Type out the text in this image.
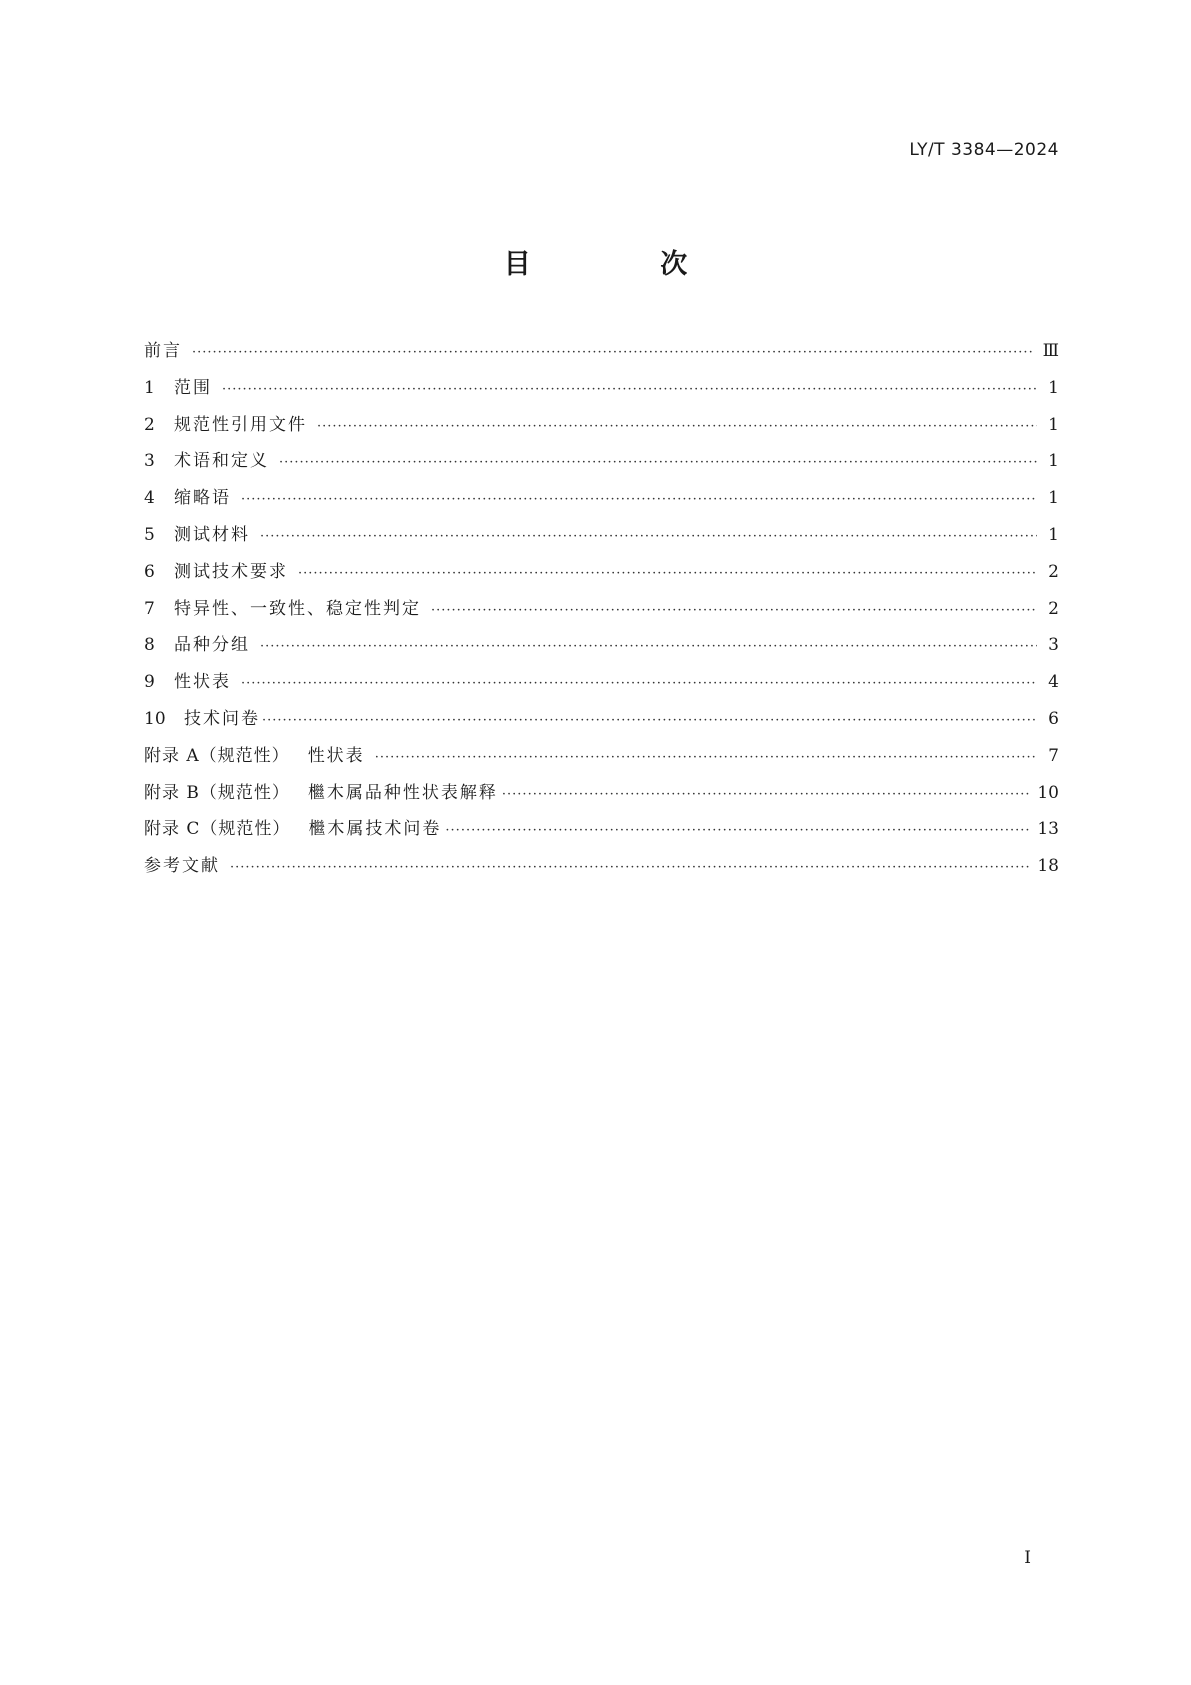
LY/T 3384—2024
目 次
前言 ·····	Ⅲ
1	范围 ·····	1
2	规范性引用文件 ·····	1
3	术语和定义 ·····	1
4	缩略语 ·····	1
5	测试材料 ·····	1
6	测试技术要求 ·····	2
7	特异性、一致性、稳定性判定 ·····	2
8	品种分组 ·····	3
9	性状表 ·····	4
10	技术问卷 ·····	6
附录 A（规范性） 性状表 ·····	7
附录 B（规范性） 檵木属品种性状表解释 ·····	10
附录 C（规范性） 檵木属技术问卷 ·····	13
参考文献 ·····	18
I
